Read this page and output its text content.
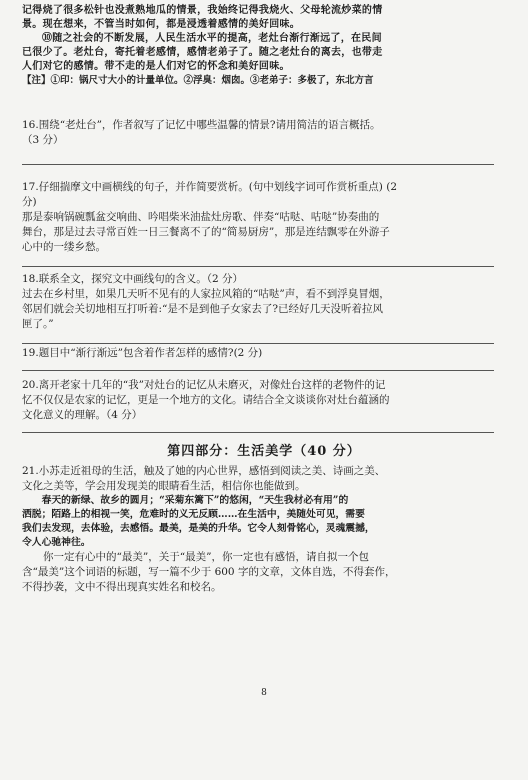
记得烧了很多松针也没煮熟地瓜的情景，我始终记得我烧火、父母轮流炒菜的情

景。现在想来，不管当时如何，都是浸透着感情的美好回味。

⑩随之社会的不断发展，人民生活水平的提高，老灶台渐行渐远了，在民间

已很少了。老灶台，寄托着老感情，感情老弟子了。随之老灶台的离去，也带走

人们对它的感情。带不走的是人们对它的怀念和美好回味。

【注】①印：锅尺寸大小的计量单位。②浮臭：烟囱。③老弟子：多极了，东北方言

16.围绕“老灶台”，作者叙写了记忆中哪些温馨的情景?请用简洁的语言概括。

（3 分）

17.仔细揣摩文中画横线的句子，并作简要赏析。(句中划线字词可作赏析重点) (2

分)

那是泰响锅碗瓢盆交响曲、吟唱柴米油盐灶房歌、伴奏“咕哒、咕哒”协奏曲的

舞台，那是过去寻常百姓一日三餐离不了的“简易厨房”，那是连结飘零在外游子

心中的一缕乡愁。

18.联系全文，探究文中画线句的含义。（2 分）

过去在乡村里，如果几天听不见有的人家拉风箱的“咕哒”声，看不到浮臭冒烟，

邻居们就会关切地相互打听着:“是不是到他子女家去了?已经好几天没听着拉风

匣了。”

19.题目中“渐行渐远”包含着作者怎样的感情?(2 分)

20.离开老家十几年的“我”对灶台的记忆从未磨灭，对像灶台这样的老物件的记

忆不仅仅是农家的记忆，更是一个地方的文化。请结合全文谈谈你对灶台蕴涵的

文化意义的理解。（4 分）

第四部分：生活美学（40 分）

21.小苏走近祖母的生活，触及了她的内心世界，感悟到阅读之美、诗画之美、

文化之美等，学会用发现美的眼睛看生活，相信你也能做到。

春天的新绿、故乡的圆月；“采菊东篱下”的悠闲，“天生我材必有用”的

洒脱；陌路上的相视一笑，危难时的义无反顾……在生活中，美随处可见，需要

我们去发现，去体验，去感悟。最美，是美的升华。它令人刻骨铭心，灵魂震撼，

令人心驰神往。

你一定有心中的“最美”，关于“最美”，你一定也有感悟，请自拟一个包

含“最美”这个词语的标题，写一篇不少于 600 字的文章，文体自选，不得套作，

不得抄袭，文中不得出现真实姓名和校名。

8
